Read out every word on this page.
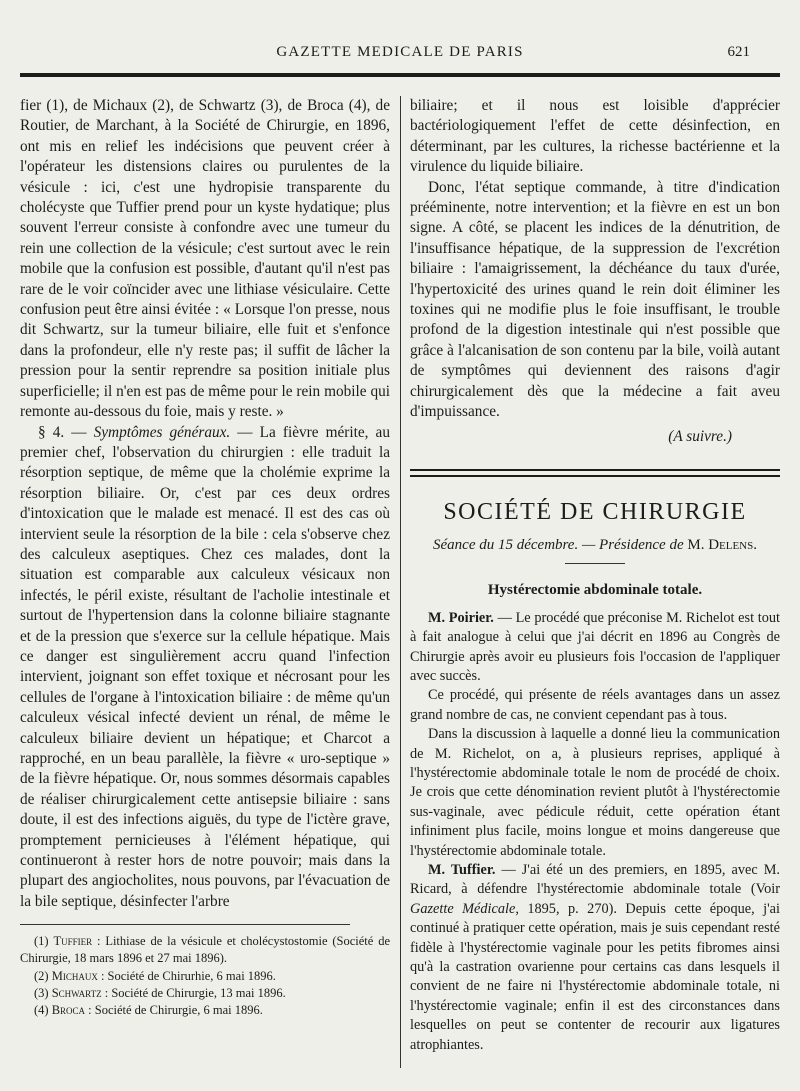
GAZETTE MEDICALE DE PARIS	621

fier (1), de Michaux (2), de Schwartz (3), de Broca (4), de Routier, de Marchant, à la Société de Chirurgie, en 1896, ont mis en relief les indécisions que peuvent créer à l'opérateur les distensions claires ou purulentes de la vésicule : ici, c'est une hydropisie transparente du cholécyste que Tuffier prend pour un kyste hydatique; plus souvent l'erreur consiste à confondre avec une tumeur du rein une collection de la vésicule; c'est surtout avec le rein mobile que la confusion est possible, d'autant qu'il n'est pas rare de le voir coïncider avec une lithiase vésiculaire. Cette confusion peut être ainsi évitée : « Lorsque l'on presse, nous dit Schwartz, sur la tumeur biliaire, elle fuit et s'enfonce dans la profondeur, elle n'y reste pas; il suffit de lâcher la pression pour la sentir reprendre sa position initiale plus superficielle; il n'en est pas de même pour le rein mobile qui remonte au-dessous du foie, mais y reste. »

§ 4. — Symptômes généraux. — La fièvre mérite, au premier chef, l'observation du chirurgien : elle traduit la résorption septique, de même que la cholémie exprime la résorption biliaire. Or, c'est par ces deux ordres d'intoxication que le malade est menacé. Il est des cas où intervient seule la résorption de la bile : cela s'observe chez des calculeux aseptiques. Chez ces malades, dont la situation est comparable aux calculeux vésicaux non infectés, le péril existe, résultant de l'acholie intestinale et surtout de l'hypertension dans la colonne biliaire stagnante et de la pression que s'exerce sur la cellule hépatique. Mais ce danger est singulièrement accru quand l'infection intervient, joignant son effet toxique et nécrosant pour les cellules de l'organe à l'intoxication biliaire : de même qu'un calculeux vésical infecté devient un rénal, de même le calculeux biliaire devient un hépatique; et Charcot a rapproché, en un beau parallèle, la fièvre « uro-septique » de la fièvre hépatique. Or, nous sommes désormais capables de réaliser chirurgicalement cette antisepsie biliaire : sans doute, il est des infections aiguës, du type de l'ictère grave, promptement pernicieuses à l'élément hépatique, qui continueront à rester hors de notre pouvoir; mais dans la plupart des angiocholites, nous pouvons, par l'évacuation de la bile septique, désinfecter l'arbre

(1) Tuffier : Lithiase de la vésicule et cholécystostomie (Société de Chirurgie, 18 mars 1896 et 27 mai 1896).

(2) Michaux : Société de Chirurhie, 6 mai 1896.

(3) Schwartz : Société de Chirurgie, 13 mai 1896.

(4) Broca : Société de Chirurgie, 6 mai 1896.

biliaire; et il nous est loisible d'apprécier bactériologiquement l'effet de cette désinfection, en déterminant, par les cultures, la richesse bactérienne et la virulence du liquide biliaire.

Donc, l'état septique commande, à titre d'indication prééminente, notre intervention; et la fièvre en est un bon signe. A côté, se placent les indices de la dénutrition, de l'insuffisance hépatique, de la suppression de l'excrétion biliaire : l'amaigrissement, la déchéance du taux d'urée, l'hypertoxicité des urines quand le rein doit éliminer les toxines qui ne modifie plus le foie insuffisant, le trouble profond de la digestion intestinale qui n'est possible que grâce à l'alcanisation de son contenu par la bile, voilà autant de symptômes qui deviennent des raisons d'agir chirurgicalement dès que la médecine a fait aveu d'impuissance.

(A suivre.)
SOCIÉTÉ DE CHIRURGIE
Séance du 15 décembre. — Présidence de M. Delens.
Hystérectomie abdominale totale.

M. Poirier. — Le procédé que préconise M. Richelot est tout à fait analogue à celui que j'ai décrit en 1896 au Congrès de Chirurgie après avoir eu plusieurs fois l'occasion de l'appliquer avec succès.

Ce procédé, qui présente de réels avantages dans un assez grand nombre de cas, ne convient cependant pas à tous.

Dans la discussion à laquelle a donné lieu la communication de M. Richelot, on a, à plusieurs reprises, appliqué à l'hystérectomie abdominale totale le nom de procédé de choix. Je crois que cette dénomination revient plutôt à l'hystérectomie sus-vaginale, avec pédicule réduit, cette opération étant infiniment plus facile, moins longue et moins dangereuse que l'hystérectomie abdominale totale.

M. Tuffier. — J'ai été un des premiers, en 1895, avec M. Ricard, à défendre l'hystérectomie abdominale totale (Voir Gazette Médicale, 1895, p. 270). Depuis cette époque, j'ai continué à pratiquer cette opération, mais je suis cependant resté fidèle à l'hystérectomie vaginale pour les petits fibromes ainsi qu'à la castration ovarienne pour certains cas dans lesquels il convient de ne faire ni l'hystérectomie abdominale totale, ni l'hystérectomie vaginale; enfin il est des circonstances dans lesquelles on peut se contenter de recourir aux ligatures atrophiantes.
